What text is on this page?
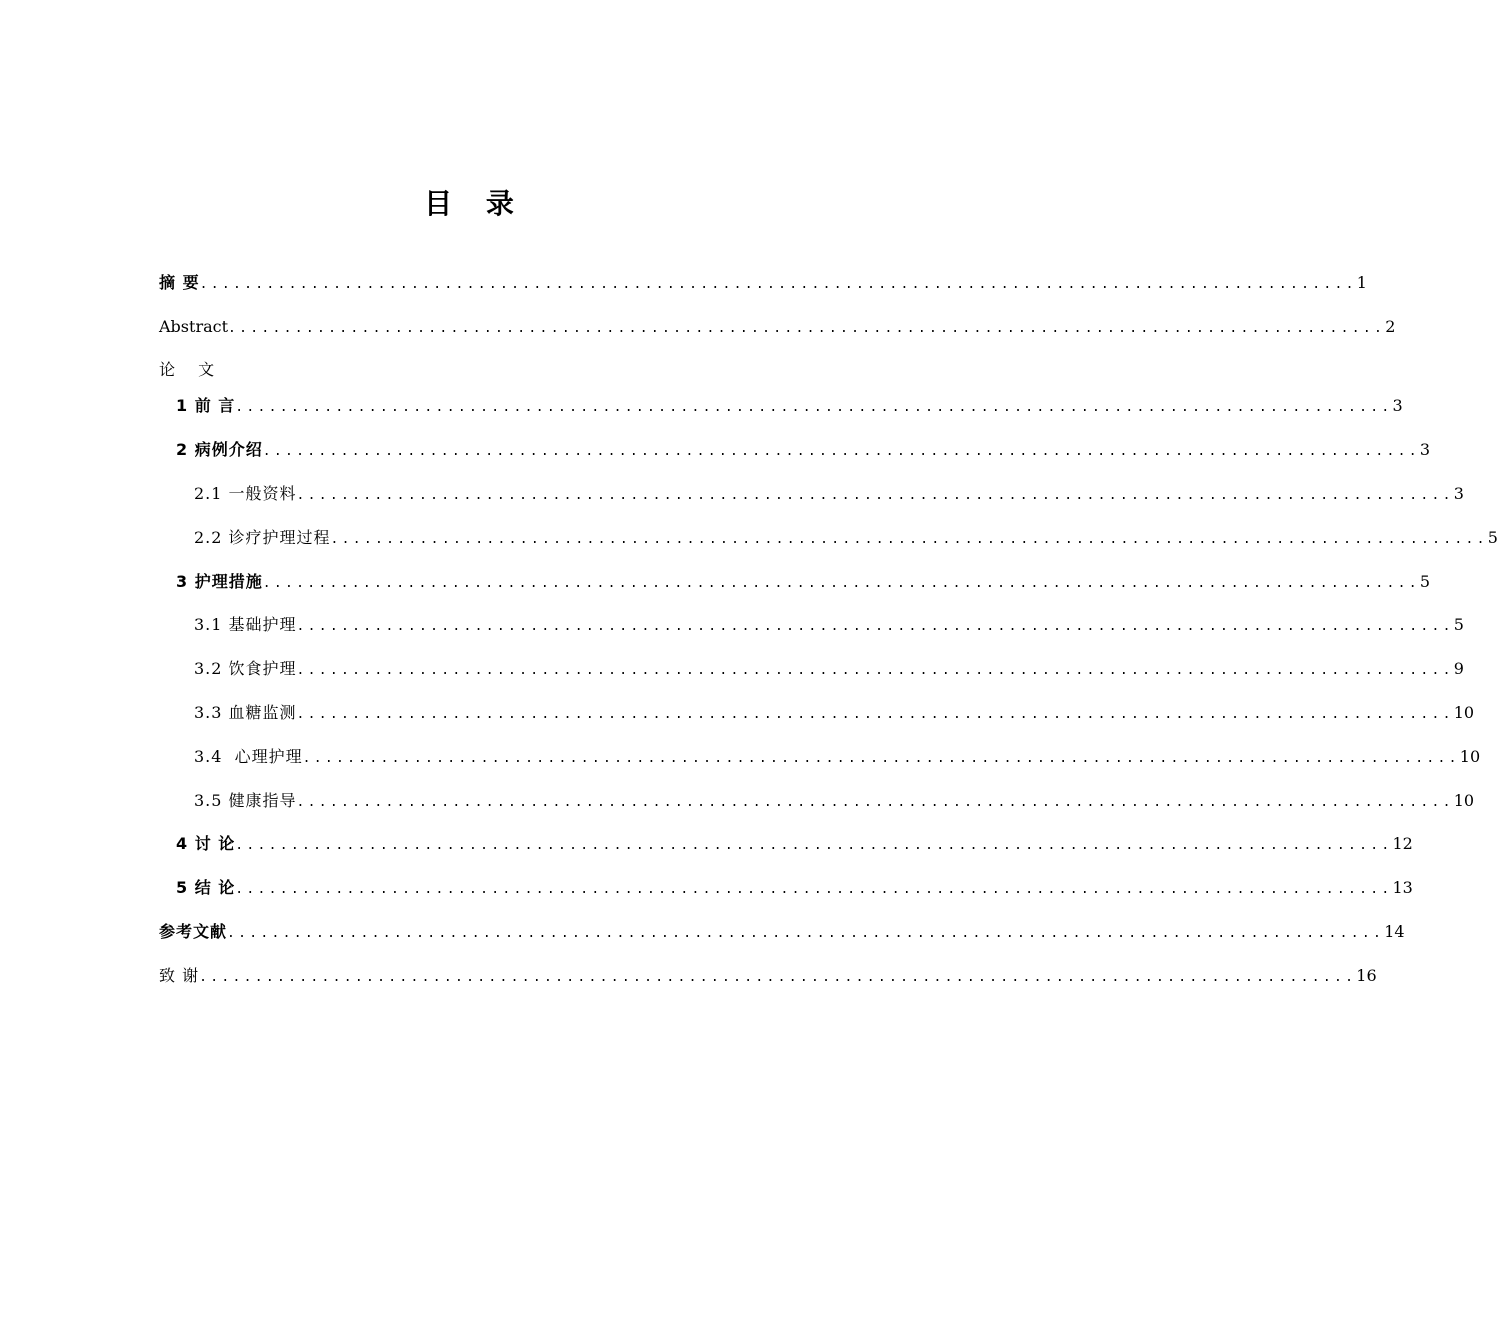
目 录
摘 要 ........................................................................................................ 1
Abstract ........................................................................................................ 2
论 文
1 前 言 ........................................................................................................ 3
2 病例介绍 ........................................................................................................ 3
2.1 一般资料 ........................................................................................................ 3
2.2 诊疗护理过程 ........................................................................................................ 5
3 护理措施 ........................................................................................................ 5
3.1 基础护理 ........................................................................................................ 5
3.2 饮食护理 ........................................................................................................ 9
3.3 血糖监测 ........................................................................................................ 10
3.4  心理护理 ........................................................................................................ 10
3.5 健康指导 ........................................................................................................ 10
4 讨 论 ........................................................................................................ 12
5 结 论 ........................................................................................................ 13
参考文献 ........................................................................................................ 14
致 谢 ........................................................................................................ 16
